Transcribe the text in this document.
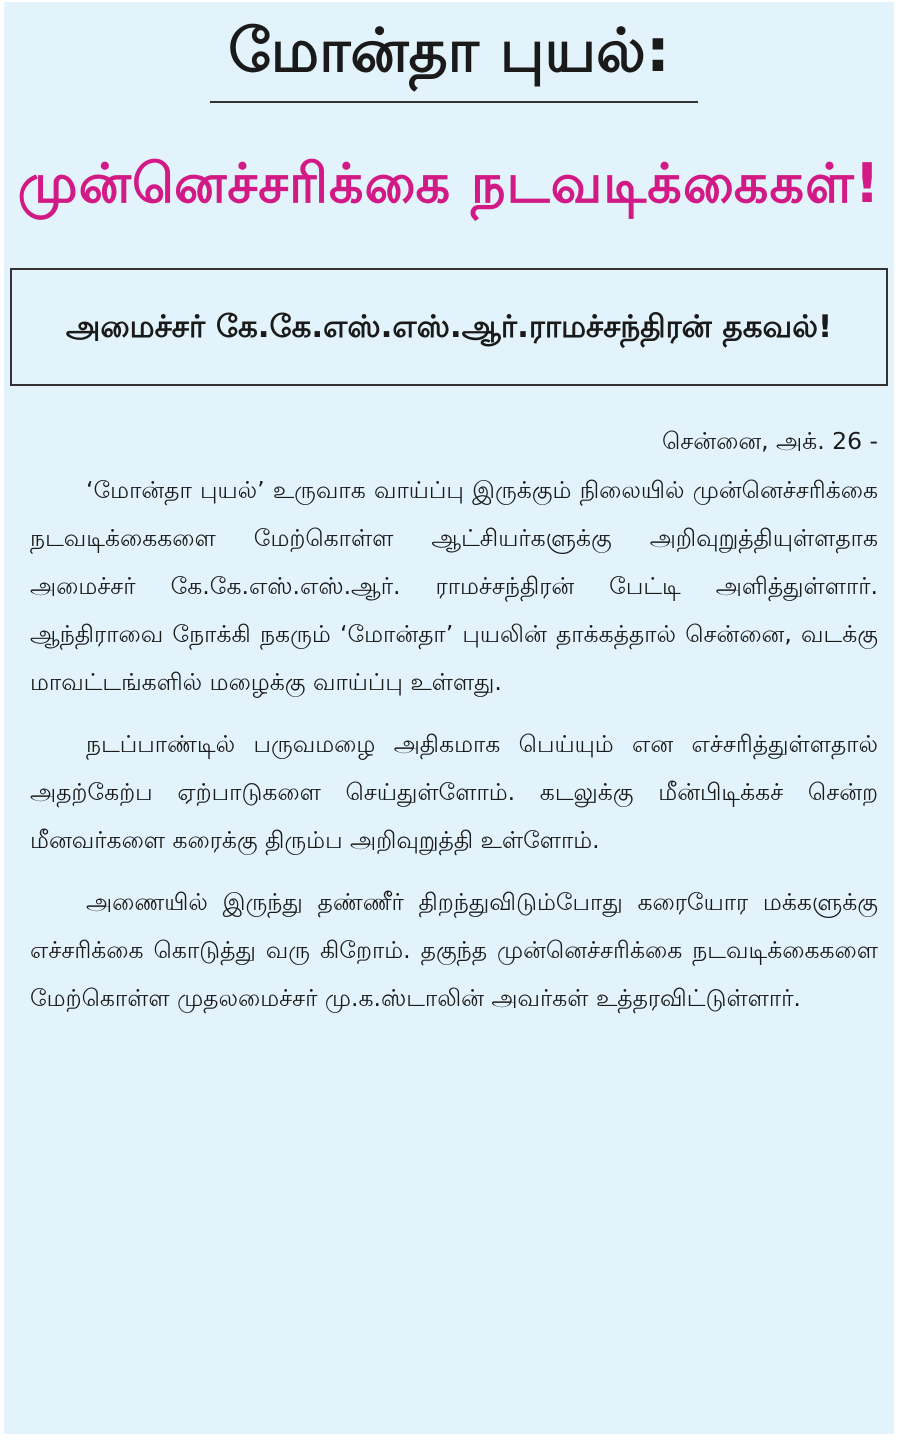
மோன்தா புயல்:
முன்னெச்சரிக்கை நடவடிக்கைகள்!
அமைச்சர் கே.கே.எஸ்.எஸ்.ஆர்.ராமச்சந்திரன் தகவல்!

சென்னை, அக். 26 -

‘மோன்தா புயல்’ உருவாக வாய்ப்பு இருக்கும் நிலையில் முன்னெச்சரிக்கை நடவடிக்கைகளை மேற்கொள்ள ஆட்சியர்களுக்கு அறிவுறுத்தியுள்ளதாக அமைச்சர் கே.கே.எஸ்.எஸ்.ஆர். ராமச்சந்திரன் பேட்டி அளித்துள்ளார். ஆந்திராவை நோக்கி நகரும் ‘மோன்தா’ புயலின் தாக்கத்தால் சென்னை, வடக்கு மாவட்டங்களில் மழைக்கு வாய்ப்பு உள்ளது.

நடப்பாண்டில் பருவமழை அதிகமாக பெய்யும் என எச்சரித்துள்ளதால் அதற்கேற்ப ஏற்பாடுகளை செய்துள்ளோம். கடலுக்கு மீன்பிடிக்கச் சென்ற மீனவர்களை கரைக்கு திரும்ப அறிவுறுத்தி உள்ளோம்.

அணையில் இருந்து தண்ணீர் திறந்துவிடும்போது கரையோர மக்களுக்கு எச்சரிக்கை கொடுத்து வரு கிறோம். தகுந்த முன்னெச்சரிக்கை நடவடிக்கைகளை மேற்கொள்ள முதலமைச்சர் மு.க.ஸ்டாலின் அவர்கள் உத்தரவிட்டுள்ளார்.
